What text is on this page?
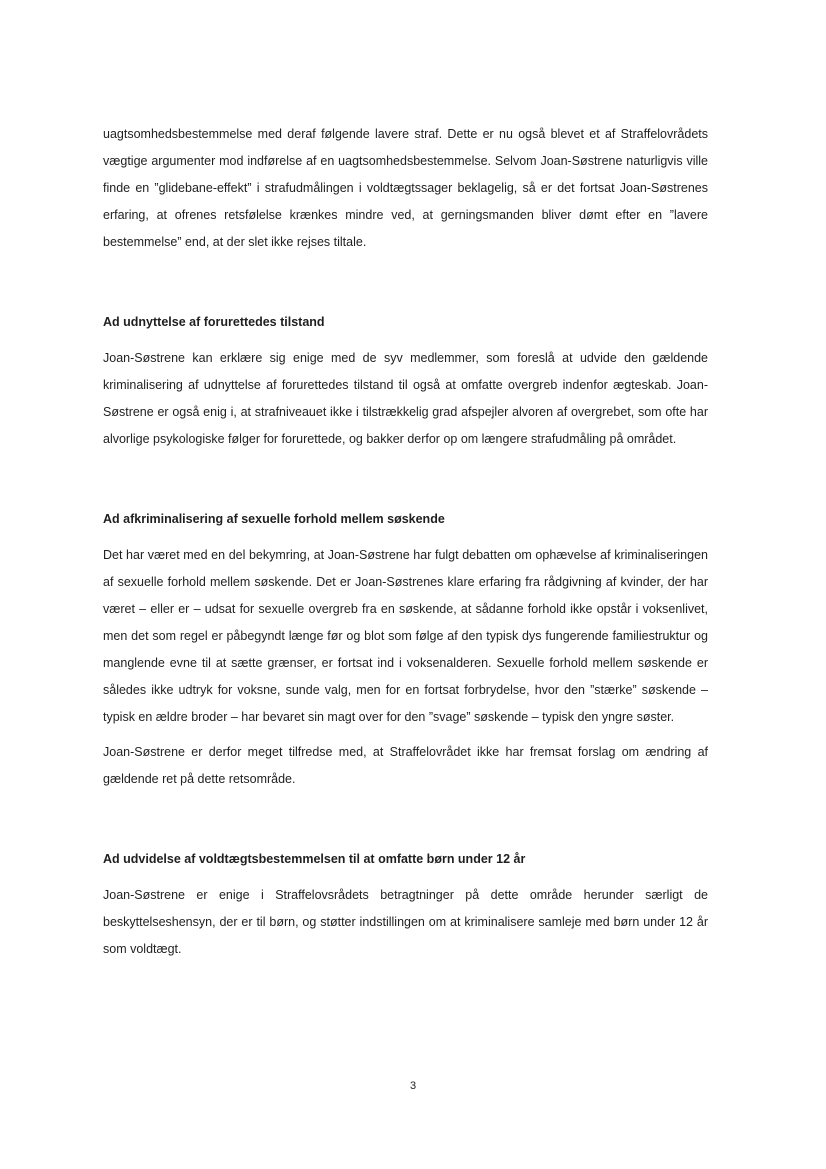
uagtsomhedsbestemmelse med deraf følgende lavere straf. Dette er nu også blevet et af Straffelovrådets vægtige argumenter mod indførelse af en uagtsomhedsbestemmelse. Selvom Joan-Søstrene naturligvis ville finde en ”glidebane-effekt” i strafudmålingen i voldtægtssager beklagelig, så er det fortsat Joan-Søstrenes erfaring, at ofrenes retsfølelse krænkes mindre ved, at gerningsmanden bliver dømt efter en ”lavere bestemmelse” end, at der slet ikke rejses tiltale.

Ad udnyttelse af forurettedes tilstand

Joan-Søstrene kan erklære sig enige med de syv medlemmer, som foreslå at udvide den gældende kriminalisering af udnyttelse af forurettedes tilstand til også at omfatte overgreb indenfor ægteskab. Joan-Søstrene er også enig i, at strafniveauet ikke i tilstrækkelig grad afspejler alvoren af overgrebet, som ofte har alvorlige psykologiske følger for forurettede, og bakker derfor op om længere strafudmåling på området.

Ad afkriminalisering af sexuelle forhold mellem søskende

Det har været med en del bekymring, at Joan-Søstrene har fulgt debatten om ophævelse af kriminaliseringen af sexuelle forhold mellem søskende. Det er Joan-Søstrenes klare erfaring fra rådgivning af kvinder, der har været – eller er – udsat for sexuelle overgreb fra en søskende, at sådanne forhold ikke opstår i voksenlivet, men det som regel er påbegyndt længe før og blot som følge af den typisk dys fungerende familiestruktur og manglende evne til at sætte grænser, er fortsat ind i voksenalderen. Sexuelle forhold mellem søskende er således ikke udtryk for voksne, sunde valg, men for en fortsat forbrydelse, hvor den ”stærke” søskende – typisk en ældre broder – har bevaret sin magt over for den ”svage” søskende – typisk den yngre søster.

Joan-Søstrene er derfor meget tilfredse med, at Straffelovrådet ikke har fremsat forslag om ændring af gældende ret på dette retsområde.

Ad udvidelse af voldtægtsbestemmelsen til at omfatte børn under 12 år

Joan-Søstrene er enige i Straffelovsrådets betragtninger på dette område herunder særligt de beskyttelseshensyn, der er til børn, og støtter indstillingen om at kriminalisere samleje med børn under 12 år som voldtægt.

3
